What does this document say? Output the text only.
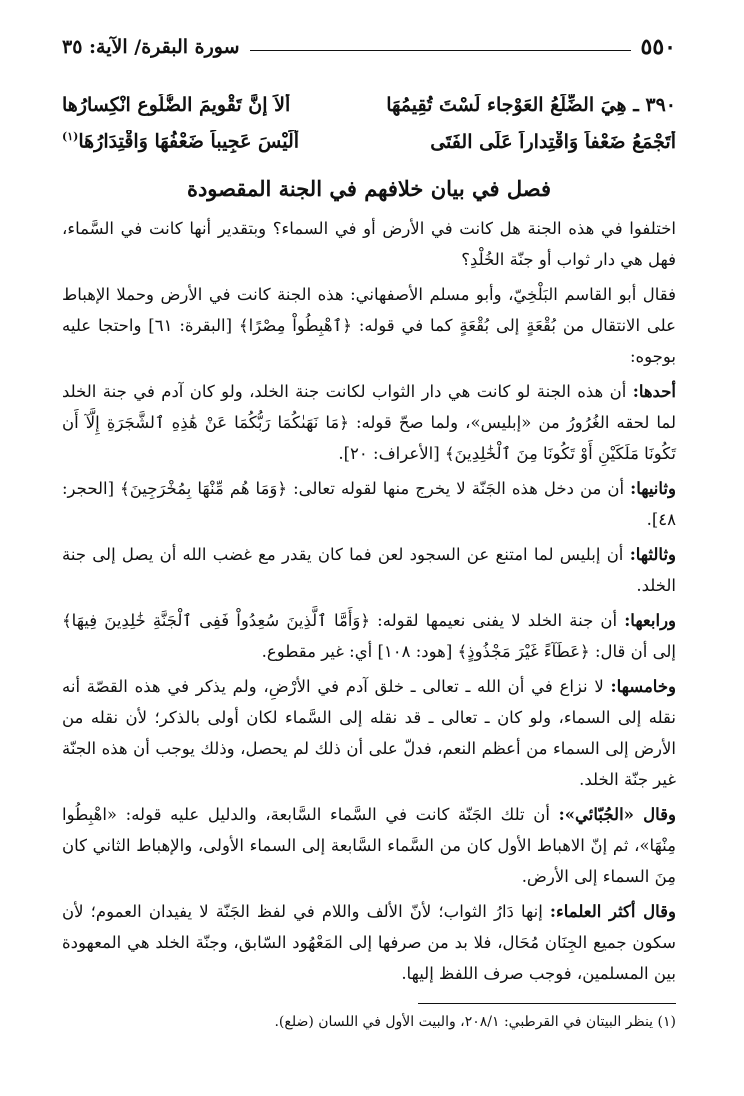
٥٥٠
سورة البقرة/ الآية: ٣٥
٣٩٠ ـ هِيَ الضِّلَعُ العَوْجاء لَسْتَ تُقِيمُهَا
أَلاَ إِنَّ تَقْويمَ الضُّلُوعِ انْكِسارُها
أَتَجْمَعُ ضَعْفاً وَاقْتِداراً عَلَى الفَتَى
أَلَيْسَ عَجِيباً ضَعْفُهَا وَاقْتِدَارُهَا$^{(١)}$
فصل في بيان خلافهم في الجنة المقصودة

اختلفوا في هذه الجنة هل كانت في الأرض أو في السماء؟ وبتقدير أنها كانت في السَّماء، فهل هي دار ثواب أو جنّة الخُلْدِ؟

فقال أبو القاسم البَلْخِيّ، وأبو مسلم الأصفهاني: هذه الجنة كانت في الأرض وحملا الإهباط على الانتقال من بُقْعَةٍ إلى بُقْعَةٍ كما في قوله: ﴿ٱهْبِطُواْ مِصْرًا﴾ [البقرة: ٦١] واحتجا عليه بوجوه:

أحدها: أن هذه الجنة لو كانت هي دار الثواب لكانت جنة الخلد، ولو كان آدم في جنة الخلد لما لحقه الغُرُورُ من «إبليس»، ولما صحّ قوله: ﴿مَا نَهَىٰكُمَا رَبُّكُمَا عَنْ هَٰذِهِ ٱلشَّجَرَةِ إِلَّآ أَن تَكُونَا مَلَكَيْنِ أَوْ تَكُونَا مِنَ ٱلْخَٰلِدِينَ﴾ [الأعراف: ٢٠].

وثانيها: أن من دخل هذه الجَنّة لا يخرج منها لقوله تعالى: ﴿وَمَا هُم مِّنْهَا بِمُخْرَجِينَ﴾ [الحجر: ٤٨].

وثالثها: أن إبليس لما امتنع عن السجود لعن فما كان يقدر مع غضب الله أن يصل إلى جنة الخلد.

ورابعها: أن جنة الخلد لا يفنى نعيمها لقوله: ﴿وَأَمَّا ٱلَّذِينَ سُعِدُواْ فَفِى ٱلْجَنَّةِ خَٰلِدِينَ فِيهَا﴾ إلى أن قال: ﴿عَطَآءً غَيْرَ مَجْذُوذٍ﴾ [هود: ١٠٨] أي: غير مقطوع.

وخامسها: لا نزاع في أن الله ـ تعالى ـ خلق آدم في الأرْضِ، ولم يذكر في هذه القصّة أنه نقله إلى السماء، ولو كان ـ تعالى ـ قد نقله إلى السَّماء لكان أولى بالذكر؛ لأن نقله من الأرض إلى السماء من أعظم النعم، فدلّ على أن ذلك لم يحصل، وذلك يوجب أن هذه الجنّة غير جنّة الخلد.

وقال «الجُبّائي»: أن تلك الجَنّة كانت في السَّماء السَّابعة، والدليل عليه قوله: «اهْبِطُوا مِنْهَا»، ثم إنّ الاهباط الأول كان من السَّماء السَّابعة إلى السماء الأولى، والإهباط الثاني كان مِنَ السماء إلى الأرض.

وقال أكثر العلماء: إنها دَارُ الثواب؛ لأنّ الألف واللام في لفظ الجَنّة لا يفيدان العموم؛ لأن سكون جميع الجِنَان مُحَال، فلا بد من صرفها إلى المَعْهُود السّابق، وجنّة الخلد هي المعهودة بين المسلمين، فوجب صرف اللفظ إليها.

(١) ينظر البيتان في القرطبي: ٢٠٨/١، والبيت الأول في اللسان (ضلع).
